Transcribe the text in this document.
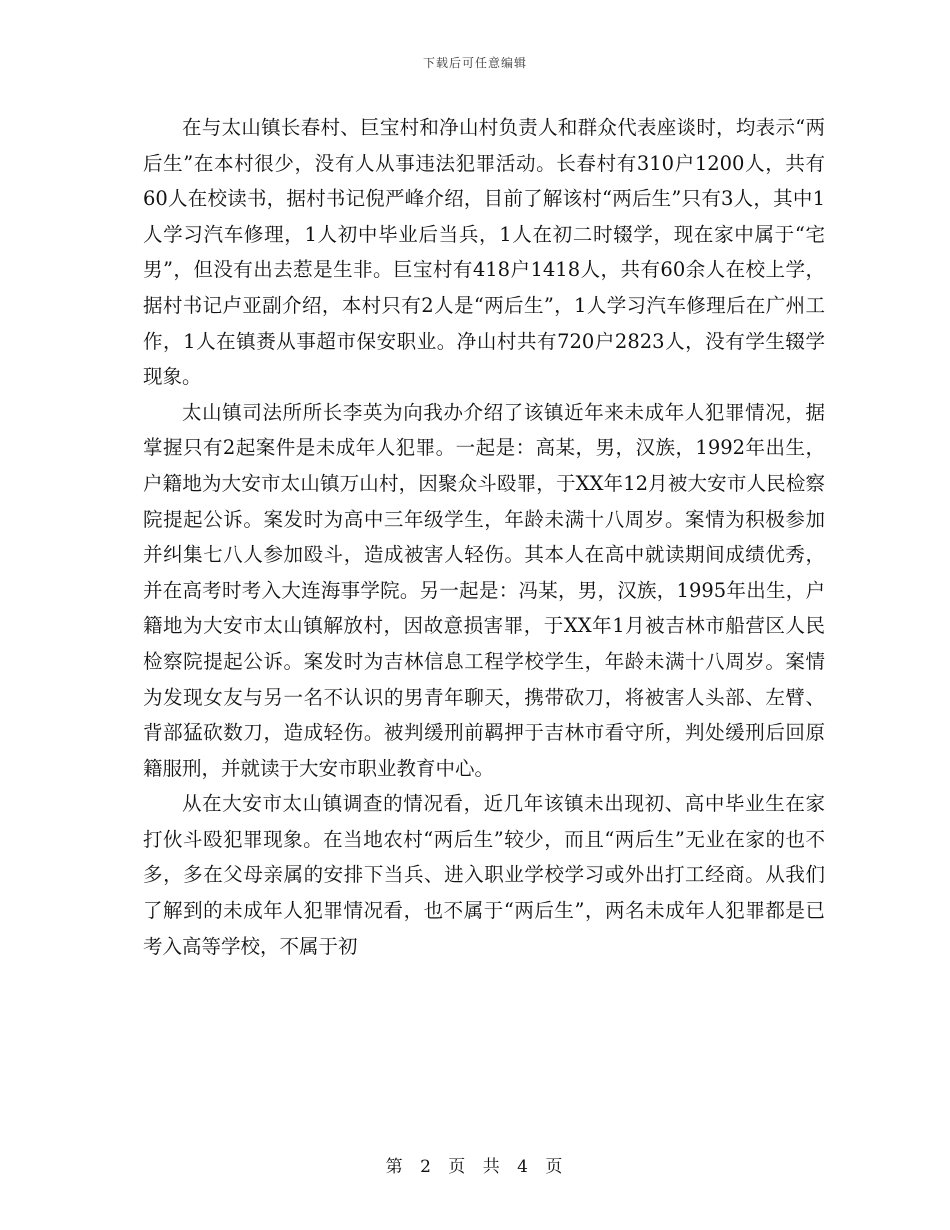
下载后可任意编辑

在与太山镇长春村、巨宝村和净山村负责人和群众代表座谈时，均表示“两后生”在本村很少，没有人从事违法犯罪活动。长春村有310户1200人，共有60人在校读书，据村书记倪严峰介绍，目前了解该村“两后生”只有3人，其中1人学习汽车修理，1人初中毕业后当兵，1人在初二时辍学，现在家中属于“宅男”，但没有出去惹是生非。巨宝村有418户1418人，共有60余人在校上学，据村书记卢亚副介绍，本村只有2人是“两后生”，1人学习汽车修理后在广州工作，1人在镇赉从事超市保安职业。净山村共有720户2823人，没有学生辍学现象。

太山镇司法所所长李英为向我办介绍了该镇近年来未成年人犯罪情况，据掌握只有2起案件是未成年人犯罪。一起是：高某，男，汉族，1992年出生，户籍地为大安市太山镇万山村，因聚众斗殴罪，于XX年12月被大安市人民检察院提起公诉。案发时为高中三年级学生，年龄未满十八周岁。案情为积极参加并纠集七八人参加殴斗，造成被害人轻伤。其本人在高中就读期间成绩优秀，并在高考时考入大连海事学院。另一起是：冯某，男，汉族，1995年出生，户籍地为大安市太山镇解放村，因故意损害罪，于XX年1月被吉林市船营区人民检察院提起公诉。案发时为吉林信息工程学校学生，年龄未满十八周岁。案情为发现女友与另一名不认识的男青年聊天，携带砍刀，将被害人头部、左臂、背部猛砍数刀，造成轻伤。被判缓刑前羁押于吉林市看守所，判处缓刑后回原籍服刑，并就读于大安市职业教育中心。

从在大安市太山镇调查的情况看，近几年该镇未出现初、高中毕业生在家打伙斗殴犯罪现象。在当地农村“两后生”较少，而且“两后生”无业在家的也不多，多在父母亲属的安排下当兵、进入职业学校学习或外出打工经商。从我们了解到的未成年人犯罪情况看，也不属于“两后生”，两名未成年人犯罪都是已考入高等学校，不属于初

第 2 页 共 4 页
